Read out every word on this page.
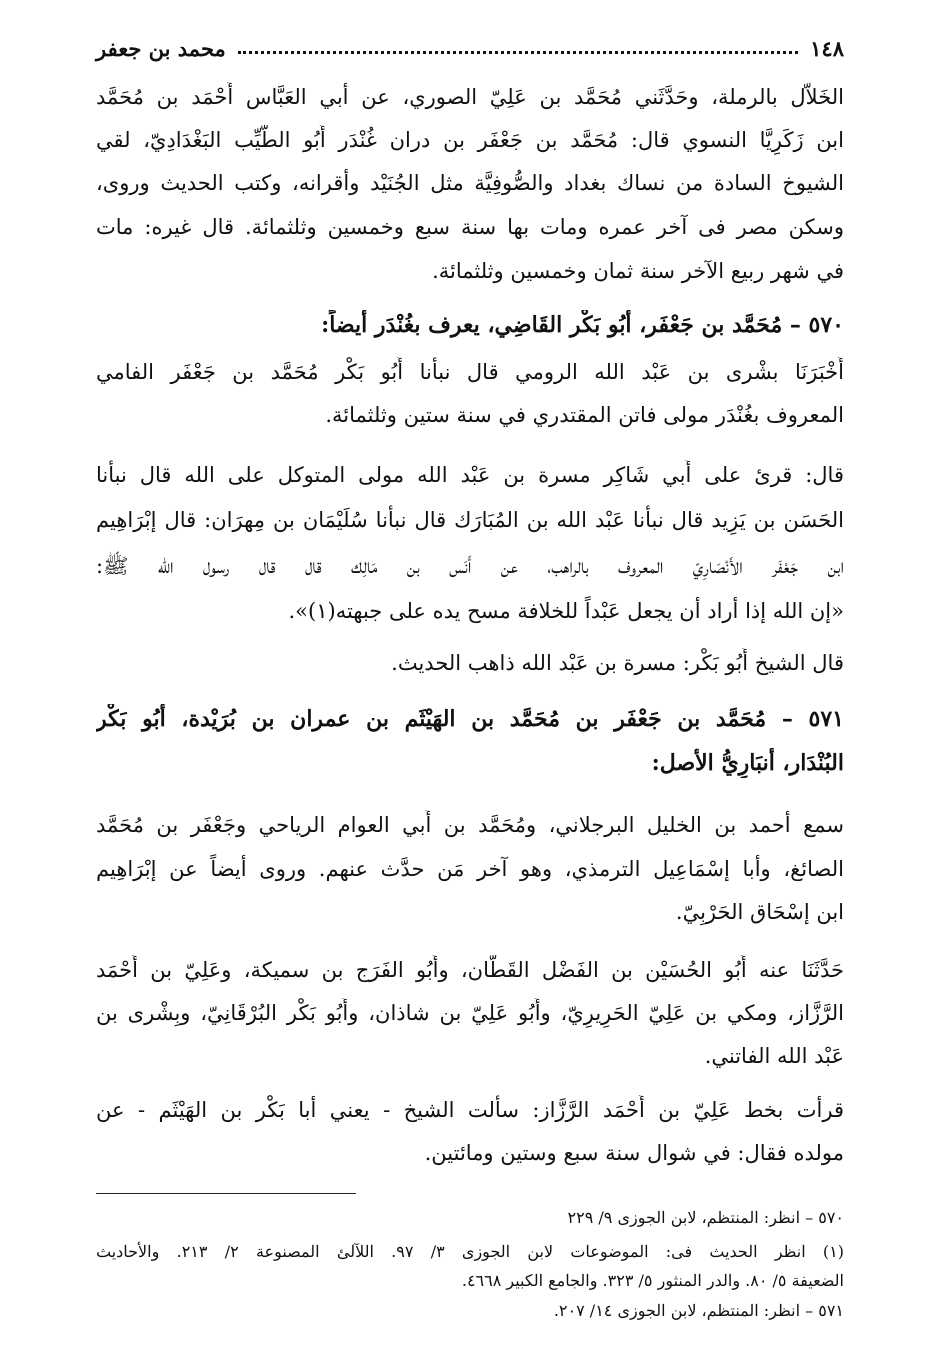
١٤٨
محمد بن جعفر
الخَلاّل بالرملة، وحَدَّثَني مُحَمَّد بن عَلِيّ الصوري، عن أبي العَبَّاس أَحْمَد بن مُحَمَّد
ابن زَكَرِيَّا النسوي قال: مُحَمَّد بن جَعْفَر بن دران غُنْدَر أَبُو الطَّيِّب البَغْدَادِيّ، لقي
الشيوخ السادة من نساك بغداد والصُّوفِيَّة مثل الجُنَيْد وأقرانه، وكتب الحديث وروى،
وسكن مصر فى آخر عمره ومات بها سنة سبع وخمسين وثلثمائة. قال غيره: مات
في شهر ربيع الآخر سنة ثمان وخمسين وثلثمائة.
٥٧٠ – مُحَمَّد بن جَعْفَر، أَبُو بَكْر القَاضِي، يعرف بغُنْدَر أيضاً:
أَخْبَرَنَا بشْرى بن عَبْد الله الرومي قال نبأنا أَبُو بَكْر مُحَمَّد بن جَعْفَر الفامي
المعروف بغُنْدَر مولى فاتن المقتدري في سنة ستين وثلثمائة.
قال: قرئ على أَبي شَاكِر مسرة بن عَبْد الله مولى المتوكل على الله قال نبأنا
الحَسَن بن يَزِيد قال نبأنا عَبْد الله بن المُبَارَك قال نبأنا سُلَيْمَان بن مِهرَان: قال إبْرَاهِيم
ابن جَعْفَر الأَنْصَارِيّ المعروف بالراهب، عن أَنَس بن مَالِك قال قال رسول الله ﷺ:
«إن الله إذا أراد أن يجعل عَبْداً للخلافة مسح يده على جبهته(١)».
قال الشيخ أَبُو بَكْر: مسرة بن عَبْد الله ذاهب الحديث.
٥٧١ – مُحَمَّد بن جَعْفَر بن مُحَمَّد بن الهَيْثَم بن عمران بن بُرَيْدة، أَبُو بَكْر
البُنْدَار، أنبَارِيُّ الأصل:
سمع أحمد بن الخليل البرجلاني، ومُحَمَّد بن أَبي العوام الرياحي وجَعْفَر بن مُحَمَّد
الصائغ، وأبا إسْمَاعِيل الترمذي، وهو آخر مَن حدَّث عنهم. وروى أيضاً عن إبْرَاهِيم
ابن إسْحَاق الحَرْبِيّ.
حَدَّثَنَا عنه أَبُو الحُسَيْن بن الفَضْل القَطَّان، وأَبُو الفَرَج بن سميكة، وعَلِيّ بن أَحْمَد
الرَّزَّاز، ومكي بن عَلِيّ الحَرِيرِيّ، وأَبُو عَلِيّ بن شاذان، وأَبُو بَكْر البُرْقَانِيّ، وبِشْرى بن
عَبْد الله الفاتني.
قرأت بخط عَلِيّ بن أَحْمَد الرَّزَّاز: سألت الشيخ - يعني أبا بَكْر بن الهَيْثَم - عن
مولده فقال: في شوال سنة سبع وستين ومائتين.
٥٧٠ – انظر: المنتظم، لابن الجوزى ٩/ ٢٢٩
(١) انظر الحديث فى: الموضوعات لابن الجوزى ٣/ ٩٧. اللآلئ المصنوعة ٢/ ٢١٣. والأحاديث
الضعيفة ٥/ ٨٠. والدر المنثور ٥/ ٣٢٣. والجامع الكبير ٤٦٦٨.
٥٧١ – انظر: المنتظم، لابن الجوزى ١٤/ ٢٠٧.
